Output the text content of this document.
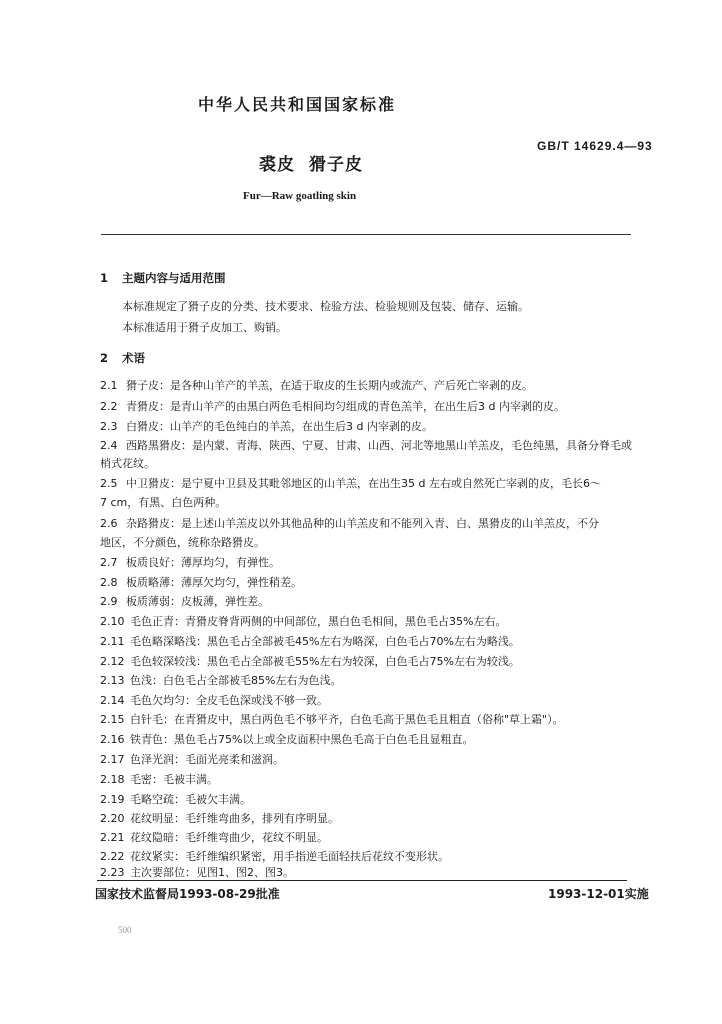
中华人民共和国国家标准
GB/T 14629.4—93
裘皮 猾子皮
Fur—Raw goatling skin
1 主题内容与适用范围
本标准规定了猾子皮的分类、技术要求、检验方法、检验规则及包装、储存、运输。
本标准适用于猾子皮加工、购销。
2 术语
2.1 猾子皮：是各种山羊产的羊羔，在适于取皮的生长期内或流产、产后死亡宰剥的皮。
2.2 青猾皮：是青山羊产的由黑白两色毛相间均匀组成的青色羔羊，在出生后3 d 内宰剥的皮。
2.3 白猾皮：山羊产的毛色纯白的羊羔，在出生后3 d 内宰剥的皮。
2.4 西路黑猾皮：是内蒙、青海、陕西、宁夏、甘肃、山西、河北等地黑山羊羔皮，毛色纯黑，具备分脊毛或
梢式花纹。
2.5 中卫猾皮：是宁夏中卫县及其毗邻地区的山羊羔，在出生35 d 左右或自然死亡宰剥的皮，毛长6～
7 cm，有黑、白色两种。
2.6 杂路猾皮：是上述山羊羔皮以外其他品种的山羊羔皮和不能列入青、白、黑猾皮的山羊羔皮，不分
地区，不分颜色，统称杂路猾皮。
2.7 板质良好：薄厚均匀，有弹性。
2.8 板质略薄：薄厚欠均匀，弹性稍差。
2.9 板质薄弱：皮板薄，弹性差。
2.10 毛色正青：青猾皮脊背两侧的中间部位，黑白色毛相间，黑色毛占35%左右。
2.11 毛色略深略浅：黑色毛占全部被毛45%左右为略深，白色毛占70%左右为略浅。
2.12 毛色较深较浅：黑色毛占全部被毛55%左右为较深，白色毛占75%左右为较浅。
2.13 色浅：白色毛占全部被毛85%左右为色浅。
2.14 毛色欠均匀：全皮毛色深或浅不够一致。
2.15 白针毛：在青猾皮中，黑白两色毛不够平齐，白色毛高于黑色毛且粗直（俗称"草上霜"）。
2.16 铁青色：黑色毛占75%以上或全皮面积中黑色毛高于白色毛且显粗直。
2.17 色泽光润：毛面光亮柔和滋润。
2.18 毛密：毛被丰满。
2.19 毛略空疏：毛被欠丰满。
2.20 花纹明显：毛纤维弯曲多，排列有序明显。
2.21 花纹隐暗：毛纤维弯曲少，花纹不明显。
2.22 花纹紧实：毛纤维编织紧密，用手指逆毛面轻扶后花纹不变形状。
2.23 主次要部位：见图1、图2、图3。
国家技术监督局1993-08-29批准	1993-12-01实施
500
